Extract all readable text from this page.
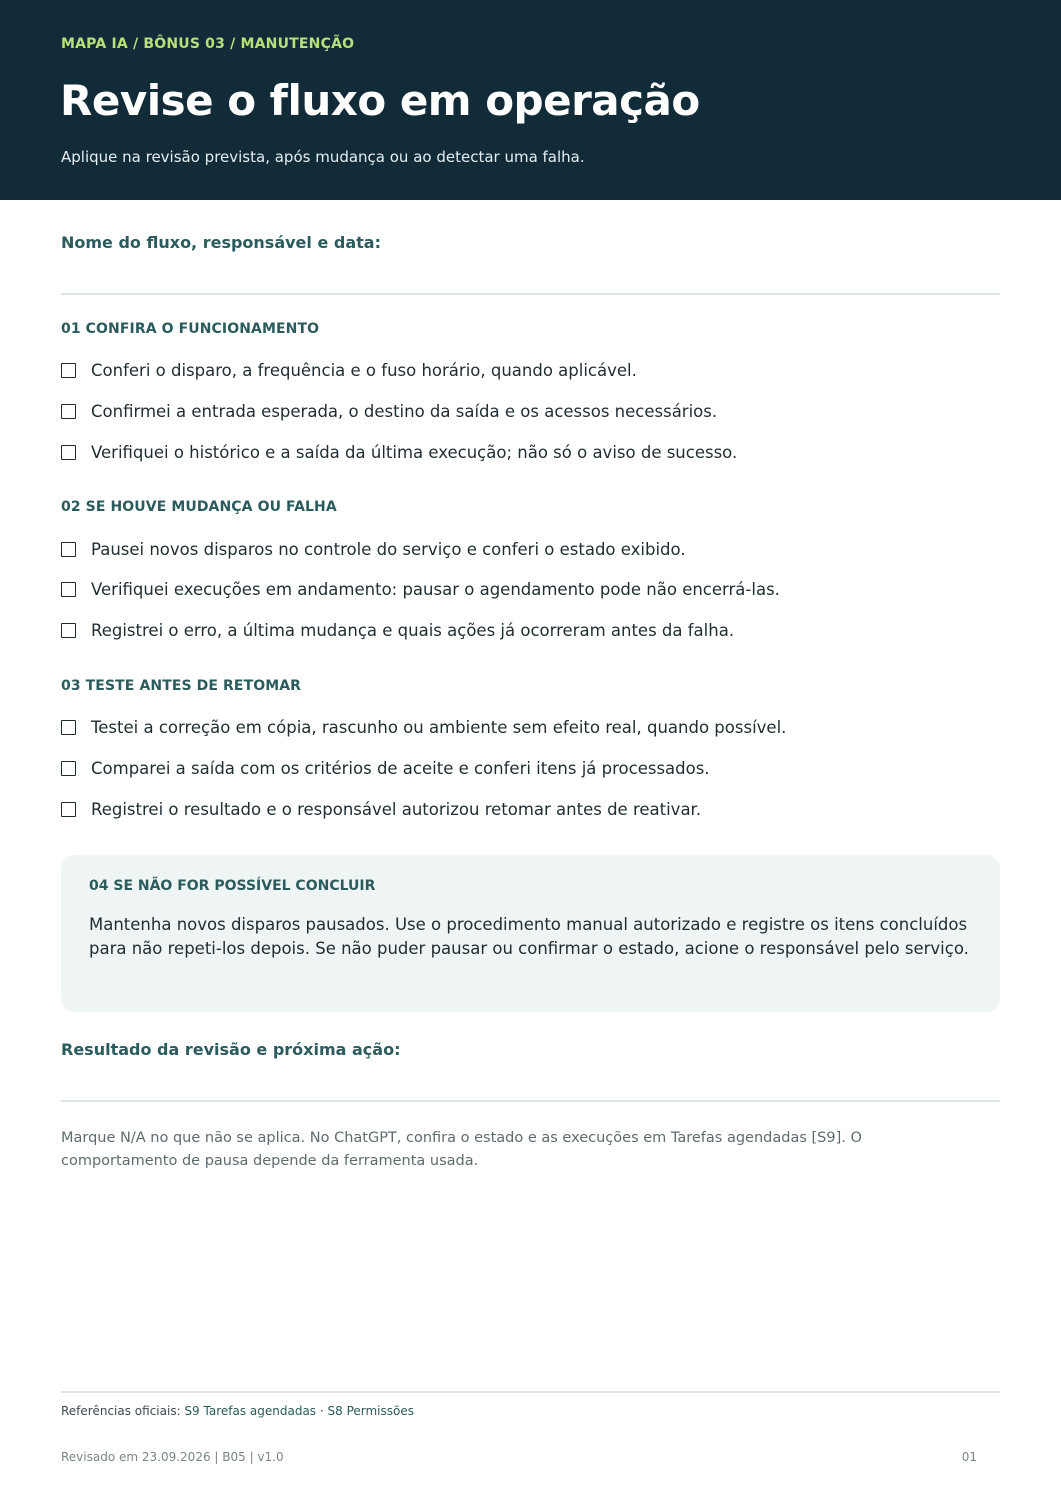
MAPA IA / BÔNUS 03 / MANUTENÇÃO
Revise o fluxo em operação
Aplique na revisão prevista, após mudança ou ao detectar uma falha.
Nome do fluxo, responsável e data:
01 CONFIRA O FUNCIONAMENTO
Conferi o disparo, a frequência e o fuso horário, quando aplicável.
Confirmei a entrada esperada, o destino da saída e os acessos necessários.
Verifiquei o histórico e a saída da última execução; não só o aviso de sucesso.
02 SE HOUVE MUDANÇA OU FALHA
Pausei novos disparos no controle do serviço e conferi o estado exibido.
Verifiquei execuções em andamento: pausar o agendamento pode não encerrá-las.
Registrei o erro, a última mudança e quais ações já ocorreram antes da falha.
03 TESTE ANTES DE RETOMAR
Testei a correção em cópia, rascunho ou ambiente sem efeito real, quando possível.
Comparei a saída com os critérios de aceite e conferi itens já processados.
Registrei o resultado e o responsável autorizou retomar antes de reativar.
04 SE NÃO FOR POSSÍVEL CONCLUIR
Mantenha novos disparos pausados. Use o procedimento manual autorizado e registre os itens concluídos para não repeti-los depois. Se não puder pausar ou confirmar o estado, acione o responsável pelo serviço.
Resultado da revisão e próxima ação:
Marque N/A no que não se aplica. No ChatGPT, confira o estado e as execuções em Tarefas agendadas [S9]. O comportamento de pausa depende da ferramenta usada.
Referências oficiais: S9 Tarefas agendadas · S8 Permissões
Revisado em 23.09.2026 | B05 | v1.0	01
